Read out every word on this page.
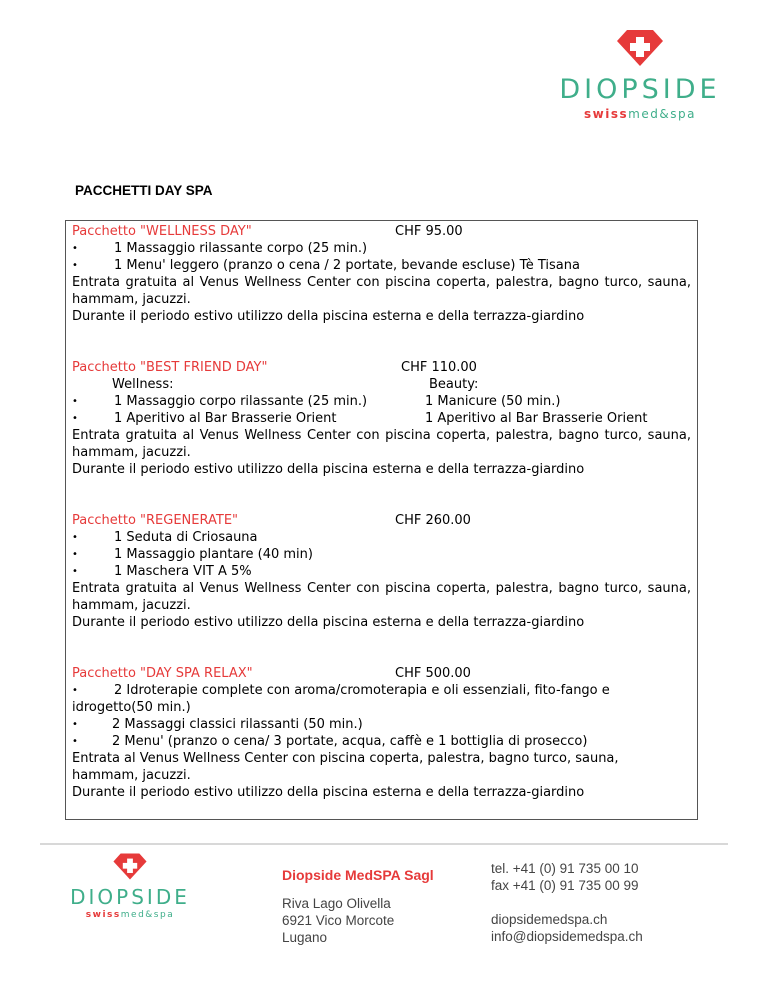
DIOPSIDE
swissmed&spa
PACCHETTI DAY SPA
Pacchetto "WELLNESS DAY"	CHF 95.00
•	1 Massaggio rilassante corpo (25 min.)
•	1 Menu' leggero (pranzo o cena / 2 portate, bevande escluse) Tè Tisana
Entrata gratuita al Venus Wellness Center con piscina coperta, palestra, bagno turco, sauna, hammam, jacuzzi.
Durante il periodo estivo utilizzo della piscina esterna e della terrazza-giardino
Pacchetto "BEST FRIEND DAY"	CHF 110.00
Wellness:	Beauty:
•	1 Massaggio corpo rilassante (25 min.)	1 Manicure (50 min.)
•	1 Aperitivo al Bar Brasserie Orient	1 Aperitivo al Bar Brasserie Orient
Entrata gratuita al Venus Wellness Center con piscina coperta, palestra, bagno turco, sauna, hammam, jacuzzi.
Durante il periodo estivo utilizzo della piscina esterna e della terrazza-giardino
Pacchetto "REGENERATE"	CHF 260.00
•	1 Seduta di Criosauna
•	1 Massaggio plantare (40 min)
•	1 Maschera VIT A 5%
Entrata gratuita al Venus Wellness Center con piscina coperta, palestra, bagno turco, sauna, hammam, jacuzzi.
Durante il periodo estivo utilizzo della piscina esterna e della terrazza-giardino
Pacchetto "DAY SPA RELAX"	CHF 500.00
•	2 Idroterapie complete con aroma/cromoterapia e oli essenziali, fito-fango e
idrogetto(50 min.)
•	2 Massaggi classici rilassanti (50 min.)
•	2 Menu' (pranzo o cena/ 3 portate, acqua, caffè e 1 bottiglia di prosecco)
Entrata al Venus Wellness Center con piscina coperta, palestra, bagno turco, sauna,
hammam, jacuzzi.
Durante il periodo estivo utilizzo della piscina esterna e della terrazza-giardino
DIOPSIDE
swissmed&spa
Diopside MedSPA Sagl
Riva Lago Olivella
6921 Vico Morcote
Lugano
tel. +41 (0) 91 735 00 10
fax +41 (0) 91 735 00 99
diopsidemedspa.ch
info@diopsidemedspa.ch
